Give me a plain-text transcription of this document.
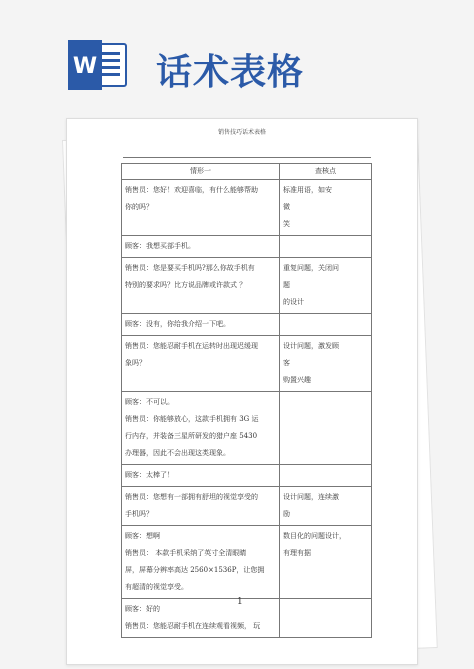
W 话术表格
销售技巧话术表格
情形一	查核点

销售员：您好！欢迎喜临，有什么能够帮助
你的吗？	标准用语，如安
微
笑

顾客：我想买部手机。	

销售员：您是要买手机吗?那么你故手机有
特别的要求吗？比方说品牌或许款式 ？	重复问题，关闭问
题
的设计

顾客：没有，你给我介绍一下吧。	

销售员：您能忍耐手机在运转时出现迟缓现
象吗？	设计问题，激发顾
客
购置兴趣

顾客：不可以。
销售员：你能够放心，这款手机拥有 3G 运
行内存，并装备三星所研发的猎户座 5430
办理器，因此不会出现这类现象。	

顾客：太棒了！	

销售员：您想有一部拥有舒坦的视觉享受的
手机吗？	设计问题，连续激
励

顾客：想啊
销售员： 本款手机采纳了英寸全清眼睛
屏，屏幕分辨率高达 2560×1536P，让您拥
有超清的视觉享受。	数目化的问题设计，
有理有据

顾客：好的
销售员：您能忍耐手机在连续观看视频， 玩	

1
